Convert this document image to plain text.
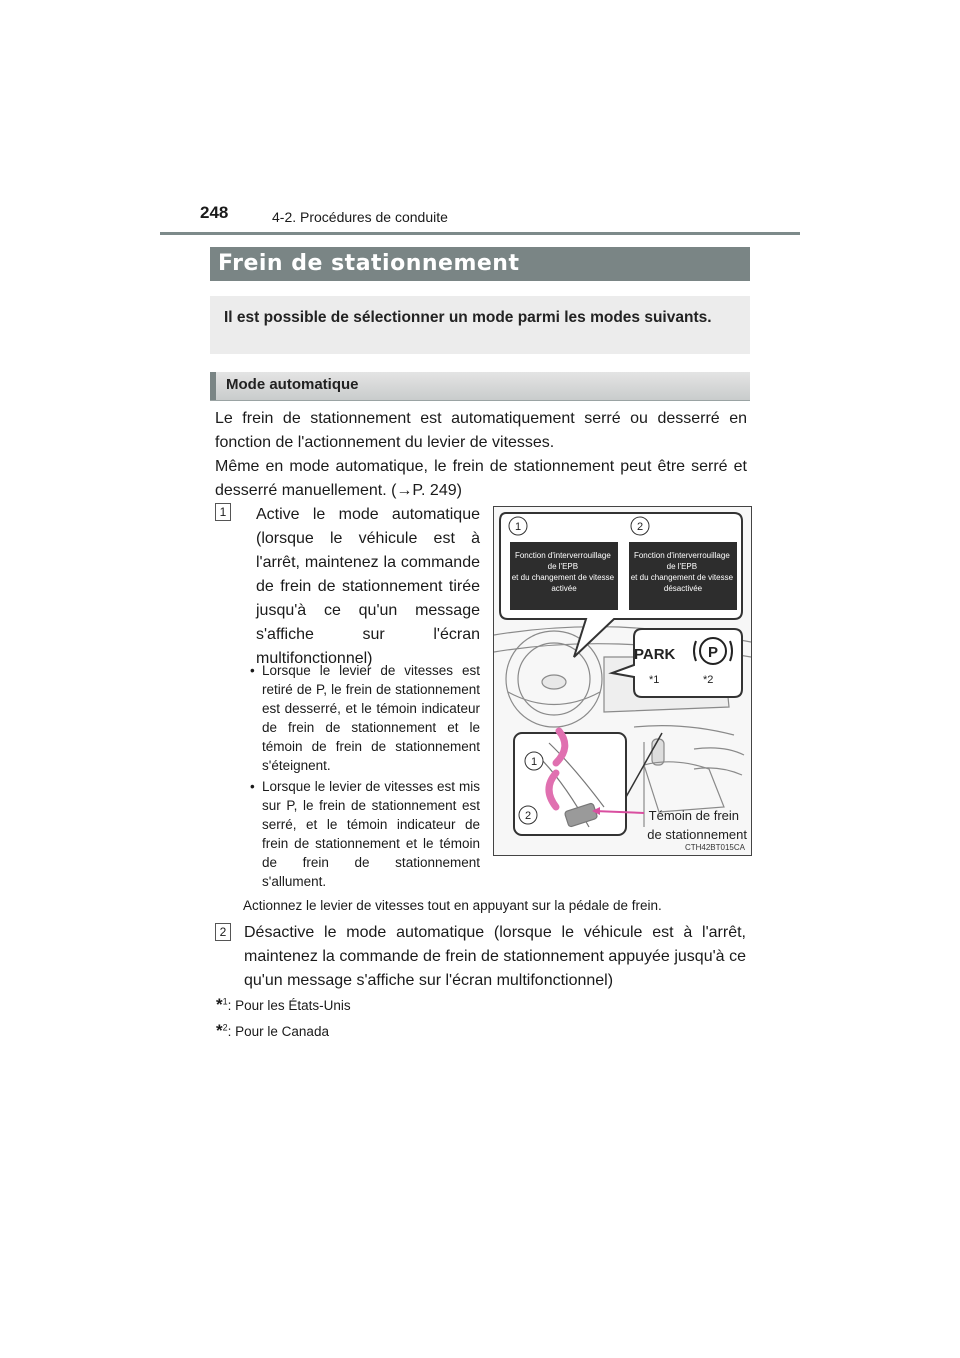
248	4-2. Procédures de conduite
Frein de stationnement
Il est possible de sélectionner un mode parmi les modes suivants.
Mode automatique
Le frein de stationnement est automatiquement serré ou desserré en fonction de l'actionnement du levier de vitesses.
Même en mode automatique, le frein de stationnement peut être serré et desserré manuellement. (→P. 249)
1 Active le mode automatique (lorsque le véhicule est à l'arrêt, maintenez la commande de frein de stationnement tirée jusqu'à ce qu'un message s'affiche sur l'écran multifonctionnel)
• Lorsque le levier de vitesses est retiré de P, le frein de stationnement est desserré, et le témoin indicateur de frein de stationnement et le témoin de frein de stationnement s'éteignent.
• Lorsque le levier de vitesses est mis sur P, le frein de stationnement est serré, et le témoin indicateur de frein de stationnement et le témoin de frein de stationnement s'allument.
Actionnez le levier de vitesses tout en appuyant sur la pédale de frein.
2 Désactive le mode automatique (lorsque le véhicule est à l'arrêt, maintenez la commande de frein de stationnement appuyée jusqu'à ce qu'un message s'affiche sur l'écran multifonctionnel)
*$^1$: Pour les États-Unis
*$^2$: Pour le Canada
1	2
Fonction d'interverrouillage de l'EPB et du changement de vitesse activée
Fonction d'interverrouillage de l'EPB et du changement de vitesse désactivée
PARK P
*1	*2
1
2	Témoin de frein
de stationnement
CTH42BT015CA
